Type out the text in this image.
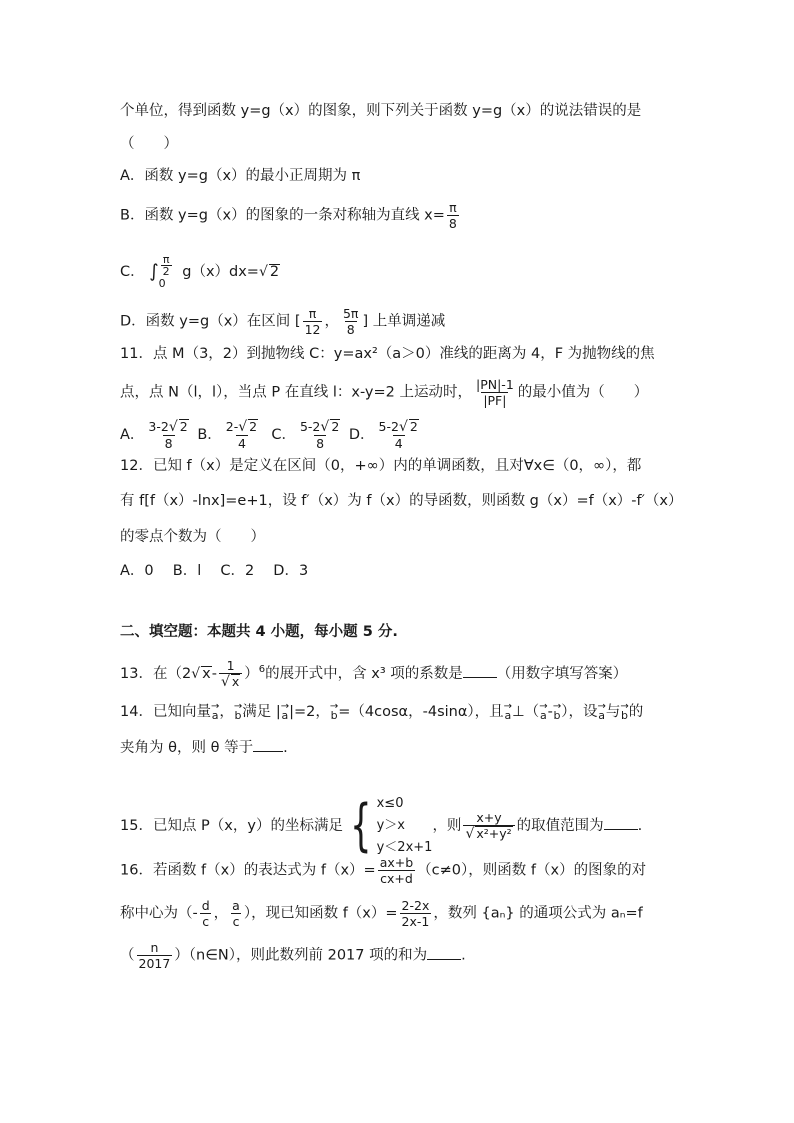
个单位，得到函数 y=g（x）的图象，则下列关于函数 y=g（x）的说法错误的是
（　　）
A．函数 y=g（x）的最小正周期为 π
B．函数 y=g（x）的图象的一条对称轴为直线 $x= \frac{\pi}{8}$
C． ∫ $\frac{\pi}{2}$
0
g（x）dx=√ 2
D．函数 y=g（x）在区间 [ $\frac{\pi}{12}$ ， $\frac{5\pi}{8}$ ] 上单调递减
11．点 M（3，2）到抛物线 C：y=ax²（a＞0）准线的距离为 4，F 为抛物线的焦
点，点 N（l，l），当点 P 在直线 l：x-y=2 上运动时， $\frac{|PN|-1}{|PF|}$ 的最小值为（　　）
A． $\frac{3-2√ 2}{8}$ B． $\frac{2-√ 2}{4}$ C． $\frac{5-2√ 2}{8}$ D． $\frac{5-2√ 2}{4}$
12．已知 f（x）是定义在区间（0，+∞）内的单调函数，且对∀x∈（0，∞），都
有 f[f（x）-lnx]=e+1，设 f′（x）为 f（x）的导函数，则函数 g（x）=f（x）-f′（x）
的零点个数为（　　）
A．0　 B．l　 C．2　 D．3
二、填空题：本题共 4 小题，每小题 5 分.
13．在（2√ $x- \frac{1}{√ x} )^6$的展开式中，含 x³ 项的系数是 （用数字填写答案）
14．已知向量 →
a ， →
b 满足 | →
a |=2， →
b =（4cosα，-4sinα），且 →
a ⊥（ →
a - →
b ），设 →
a 与 →
b 的
夹角为 θ，则 θ 等于 .
15．已知点 P（x，y）的坐标满足 { x≤0
y＞x
y＜2x+1
，则 $\frac{x+y}{\text{√ x²+y²}}$ 的取值范围为 .
16．若函数 f（x）的表达式为 $f(x)= \frac{ax+b}{cx+d} (c\ne 0)$，则函数 f（x）的图象的对
称中心为（- $\frac{d}{c}$ ， $\frac{a}{c}$ ），现已知函数 $f(x)= \frac{2-2x}{2x-1}$ ，数列 {aₙ} 的通项公式为 aₙ=f
（ $\frac{n}{2017}$ ）（n∈N），则此数列前 2017 项的和为 .
